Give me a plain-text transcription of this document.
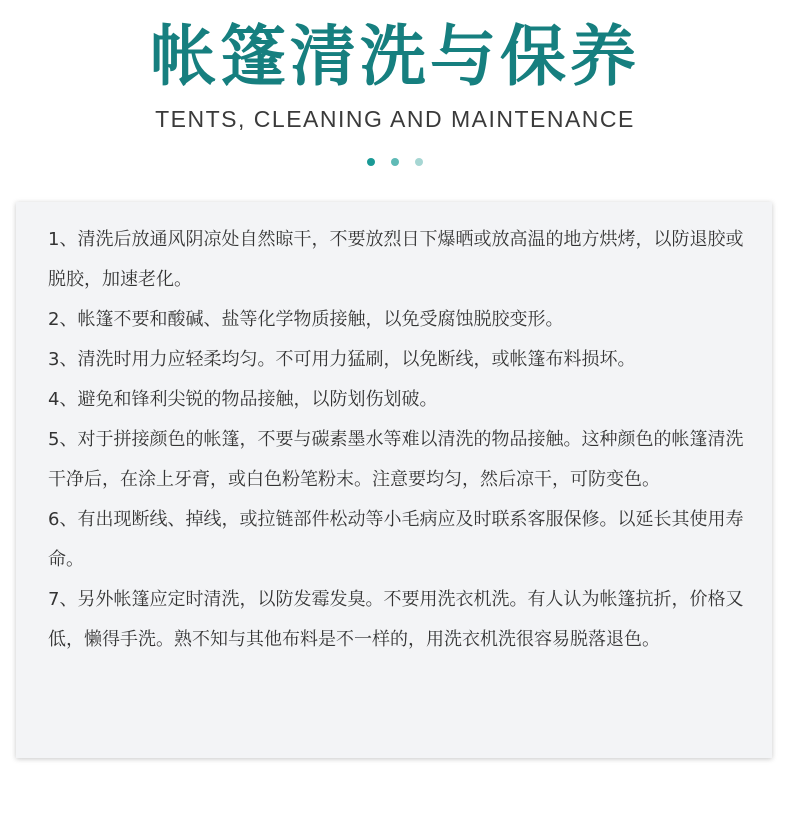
帐篷清洗与保养
TENTS, CLEANING AND MAINTENANCE

1、清洗后放通风阴凉处自然晾干，不要放烈日下爆晒或放高温的地方烘烤，以防退胶或脱胶，加速老化。
2、帐篷不要和酸碱、盐等化学物质接触，以免受腐蚀脱胶变形。
3、清洗时用力应轻柔均匀。不可用力猛刷，以免断线，或帐篷布料损坏。
4、避免和锋利尖锐的物品接触，以防划伤划破。
5、对于拼接颜色的帐篷，不要与碳素墨水等难以清洗的物品接触。这种颜色的帐篷清洗干净后，在涂上牙膏，或白色粉笔粉末。注意要均匀，然后凉干，可防变色。
6、有出现断线、掉线，或拉链部件松动等小毛病应及时联系客服保修。以延长其使用寿命。
7、另外帐篷应定时清洗，以防发霉发臭。不要用洗衣机洗。有人认为帐篷抗折，价格又低，懒得手洗。熟不知与其他布料是不一样的，用洗衣机洗很容易脱落退色。
